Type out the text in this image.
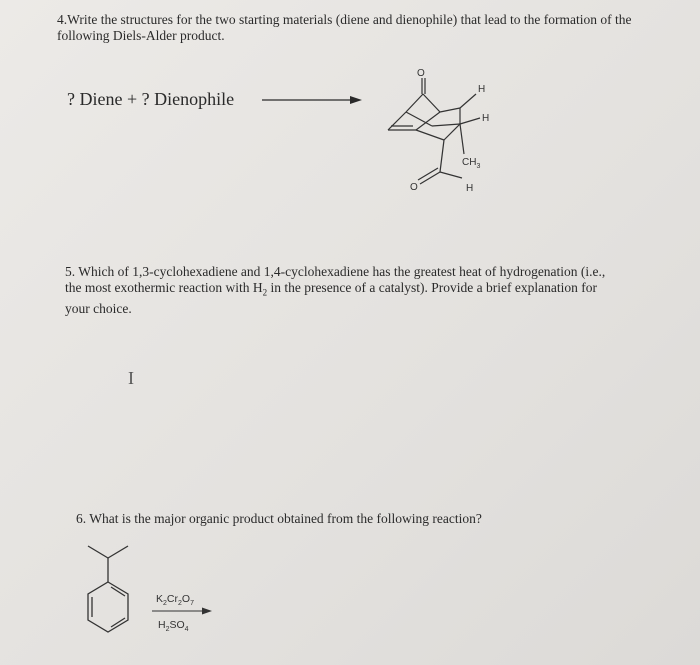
4.Write the structures for the two starting materials (diene and dienophile) that lead to the formation of the following Diels-Alder product.
? Diene + ? Dienophile
O
H
H
$CH_3$
H
O
5. Which of 1,3-cyclohexadiene and 1,4-cyclohexadiene has the greatest heat of hydrogenation (i.e., the most exothermic reaction with $H_2$ in the presence of a catalyst). Provide a brief explanation for your choice.
I
6. What is the major organic product obtained from the following reaction?
$K_2Cr_2O_7$
$H_2SO_4$
